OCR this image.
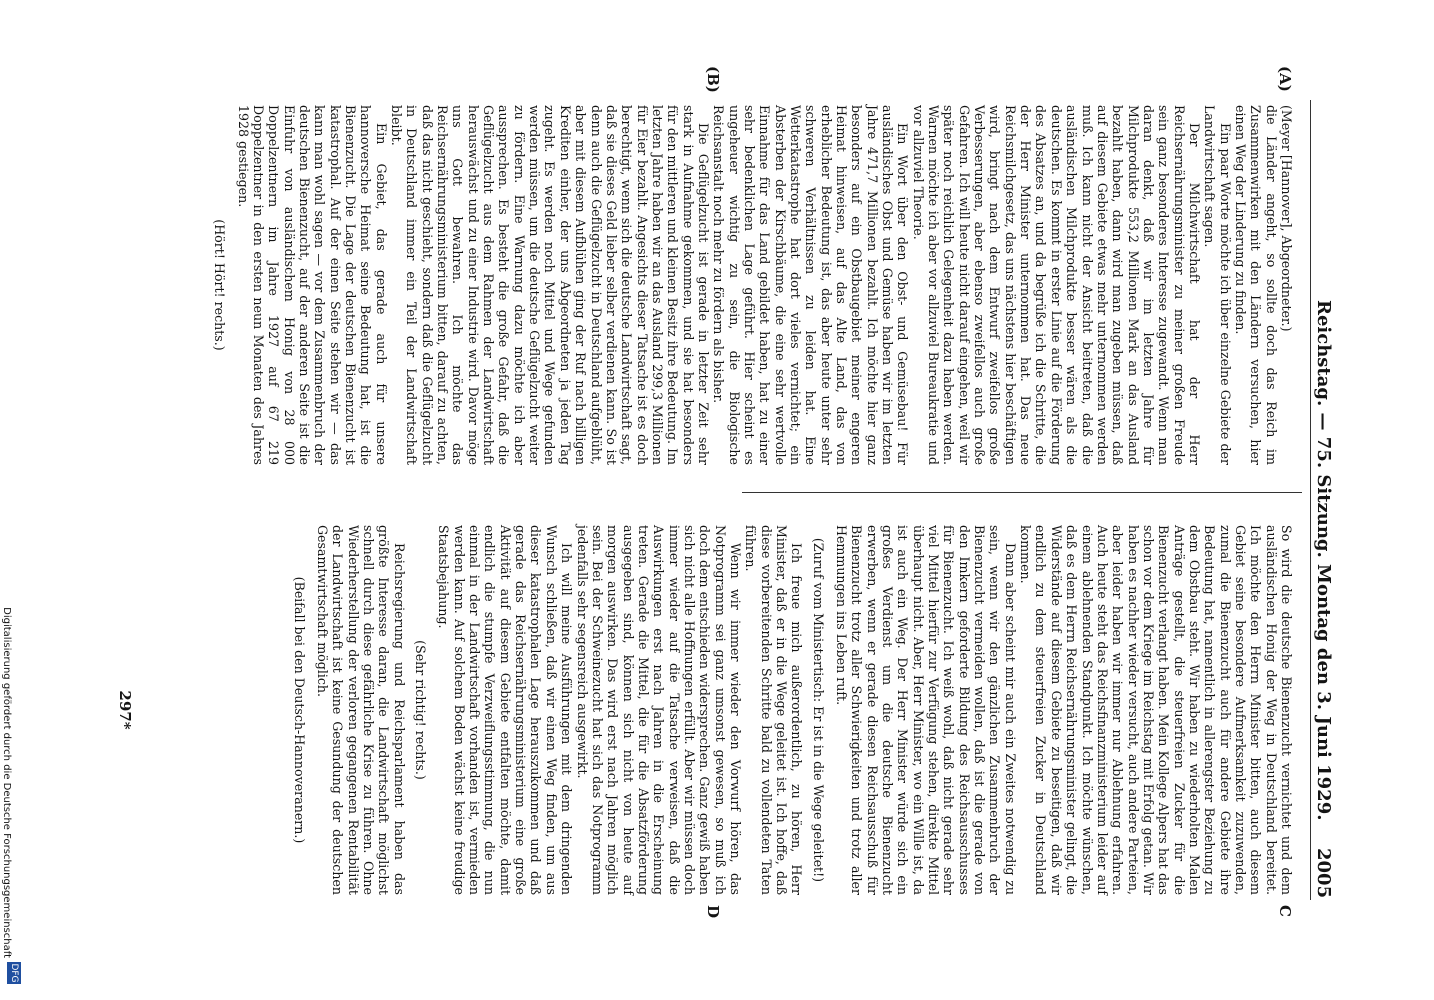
Reichstag. — 75. Sitzung. Montag den 3. Juni 1929.
2005
(A)
(B)
C
D

(Meyer [Hannover], Abgeordneter.)

die Länder angeht, so sollte doch das Reich im Zusammenwirken mit den Ländern versuchen, hier einen Weg der Linderung zu finden.

Ein paar Worte möchte ich über einzelne Gebiete der Landwirtschaft sagen.

Der Milchwirtschaft hat der Herr Reichsernährungsminister zu meiner großen Freude sein ganz besonderes Interesse zugewandt. Wenn man daran denkt, daß wir im letzten Jahre für Milchprodukte 553,2 Millionen Mark an das Ausland bezahlt haben, dann wird man zugeben müssen, daß auf diesem Gebiete etwas mehr unternommen werden muß. Ich kann nicht der Ansicht beitreten, daß die ausländischen Milchprodukte besser wären als die deutschen. Es kommt in erster Linie auf die Förderung des Absatzes an, und da begrüße ich die Schritte, die der Herr Minister unternommen hat. Das neue Reichsmilchgesetz, das uns nächstens hier beschäftigen wird, bringt nach dem Entwurf zweifellos große Verbesserungen, aber ebenso zweifellos auch große Gefahren. Ich will heute nicht darauf eingehen, weil wir später noch reichlich Gelegenheit dazu haben werden. Warnen möchte ich aber vor allzuviel Bureaukratie und vor allzuviel Theorie.

Ein Wort über den Obst- und Gemüsebau! Für ausländisches Obst und Gemüse haben wir im letzten Jahre 471,7 Millionen bezahlt. Ich möchte hier ganz besonders auf ein Obstbaugebiet meiner engeren Heimat hinweisen, auf das Alte Land, das von erheblicher Bedeutung ist, das aber heute unter sehr schweren Verhältnissen zu leiden hat. Eine Wetterkatastrophe hat dort vieles vernichtet; ein Absterben der Kirschbäume, die eine sehr wertvolle Einnahme für das Land gebildet haben, hat zu einer sehr bedenklichen Lage geführt. Hier scheint es ungeheuer wichtig zu sein, die Biologische Reichsanstalt noch mehr zu fördern als bisher.

Die Geflügelzucht ist gerade in letzter Zeit sehr stark in Aufnahme gekommen, und sie hat besonders für den mittleren und kleinen Besitz ihre Bedeutung. Im letzten Jahre haben wir an das Ausland 299,3 Millionen für Eier bezahlt. Angesichts dieser Tatsache ist es doch berechtigt, wenn sich die deutsche Landwirtschaft sagt, daß sie dieses Geld lieber selber verdienen kann. So ist denn auch die Geflügelzucht in Deutschland aufgeblüht, aber mit diesem Aufblühen ging der Ruf nach billigen Krediten einher, der uns Abgeordneten ja jeden Tag zugeht. Es werden noch Mittel und Wege gefunden werden müssen, um die deutsche Geflügelzucht weiter zu fördern. Eine Warnung dazu möchte ich aber aussprechen. Es besteht die große Gefahr, daß die Geflügelzucht aus dem Rahmen der Landwirtschaft herauswächst und zu einer Industrie wird. Davor möge uns Gott bewahren. Ich möchte das Reichsernährungsministerium bitten, darauf zu achten, daß das nicht geschieht, sondern daß die Geflügelzucht in Deutschland immer ein Teil der Landwirtschaft bleibt.

Ein Gebiet, das gerade auch für unsere hannoversche Heimat seine Bedeutung hat, ist die Bienenzucht. Die Lage der deutschen Bienenzucht ist katastrophal. Auf der einen Seite stehen wir — das kann man wohl sagen — vor dem Zusammenbruch der deutschen Bienenzucht, auf der anderen Seite ist die Einfuhr von ausländischem Honig von 28 000 Doppelzentnern im Jahre 1927 auf 67 219 Doppelzentner in den ersten neun Monaten des Jahres 1928 gestiegen.

(Hört! Hört! rechts.)

So wird die deutsche Bienenzucht vernichtet und dem ausländischen Honig der Weg in Deutschland bereitet. Ich möchte den Herrn Minister bitten, auch diesem Gebiet seine besondere Aufmerksamkeit zuzuwenden, zumal die Bienenzucht auch für andere Gebiete ihre Bedeutung hat, namentlich in allerengster Beziehung zu dem Obstbau steht. Wir haben zu wiederholten Malen Anträge gestellt, die steuerfreien Zucker für die Bienenzucht verlangt haben. Mein Kollege Alpers hat das schon vor dem Kriege im Reichstag mit Erfolg getan. Wir haben es nachher wieder versucht, auch andere Parteien, aber leider haben wir immer nur Ablehnung erfahren. Auch heute steht das Reichsfinanzministerium leider auf einem ablehnenden Standpunkt. Ich möchte wünschen, daß es dem Herrn Reichsernährungsminister gelingt, die Widerstände auf diesem Gebiete zu beseitigen, daß wir endlich zu dem steuerfreien Zucker in Deutschland kommen.

Dann aber scheint mir auch ein Zweites notwendig zu sein, wenn wir den gänzlichen Zusammenbruch der Bienenzucht vermeiden wollen, daß ist die gerade von den Imkern geforderte Bildung des Reichsausschusses für Bienenzucht. Ich weiß wohl, daß nicht gerade sehr viel Mittel hierfür zur Verfügung stehen, direkte Mittel überhaupt nicht. Aber, Herr Minister, wo ein Wille ist, da ist auch ein Weg. Der Herr Minister würde sich ein großes Verdienst um die deutsche Bienenzucht erwerben, wenn er gerade diesen Reichsausschuß für Bienenzucht trotz aller Schwierigkeiten und trotz aller Hemmungen ins Leben ruft.

(Zuruf vom Ministertisch: Er ist in die Wege geleitet!)

Ich freue mich außerordentlich, zu hören, Herr Minister, daß er in die Wege geleitet ist. Ich hoffe, daß diese vorbereitenden Schritte bald zu vollendeten Taten führen.

Wenn wir immer wieder den Vorwurf hören, das Notprogramm sei ganz umsonst gewesen, so muß ich doch dem entschieden widersprechen. Ganz gewiß haben sich nicht alle Hoffnungen erfüllt. Aber wir müssen doch immer wieder auf die Tatsache verweisen, daß die Auswirkungen erst nach Jahren in die Erscheinung treten. Gerade die Mittel, die für die Absatzförderung ausgegeben sind, können sich nicht von heute auf morgen auswirken. Das wird erst nach Jahren möglich sein. Bei der Schweinezucht hat sich das Notprogramm jedenfalls sehr segensreich ausgewirkt.

Ich will meine Ausführungen mit dem dringenden Wunsch schließen, daß wir einen Weg finden, um aus dieser katastrophalen Lage herauszukommen und daß gerade das Reichsernährungsministerium eine große Aktivität auf diesem Gebiete entfalten möchte, damit endlich die stumpfe Verzweiflungsstimmung, die nun einmal in der Landwirtschaft vorhanden ist, vermieden werden kann. Auf solchem Boden wächst keine freudige Staatsbejahung.

(Sehr richtig! rechts.)

Reichsregierung und Reichsparlament haben das größte Interesse daran, die Landwirtschaft möglichst schnell durch diese gefährliche Krise zu führen. Ohne Wiederherstellung der verloren gegangenen Rentabilität der Landwirtschaft ist keine Gesundung der deutschen Gesamtwirtschaft möglich.

(Beifall bei den Deutsch-Hannoveranern.)

297*
Digitalisierung gefördert durch die Deutsche Forschungsgemeinschaft
DFG
